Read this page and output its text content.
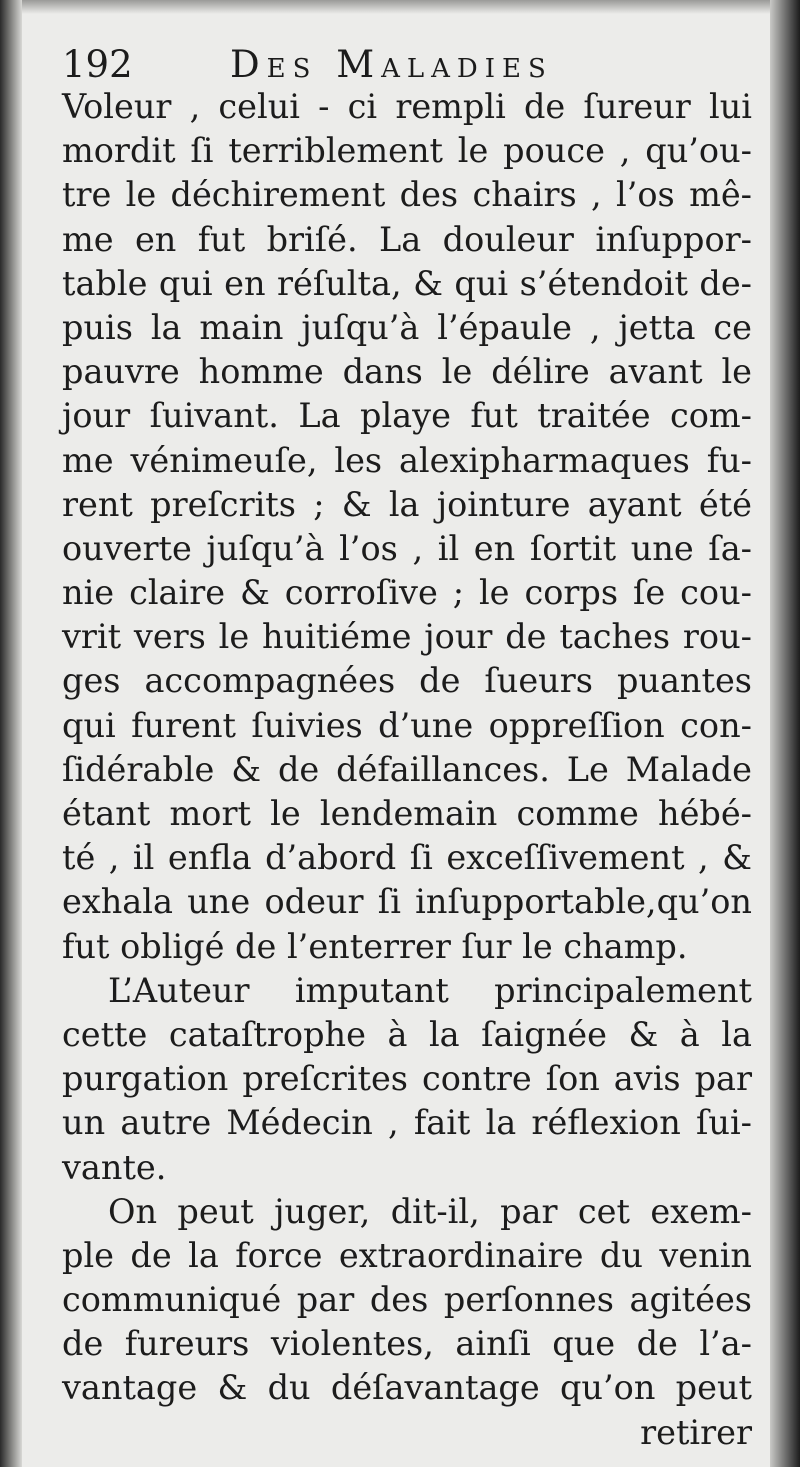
192	Des Maladies
Voleur , celui - ci rempli de ſureur lui
mordit ſi terriblement le pouce , qu’ou-
tre le déchirement des chairs , l’os mê-
me en fut briſé. La douleur inſuppor-
table qui en réſulta, & qui s’étendoit de-
puis la main juſqu’à l’épaule , jetta ce
pauvre homme dans le délire avant le
jour ſuivant. La playe fut traitée com-
me vénimeuſe, les alexipharmaques fu-
rent preſcrits ; & la jointure ayant été
ouverte juſqu’à l’os , il en ſortit une ſa-
nie claire & corroſive ; le corps ſe cou-
vrit vers le huitiéme jour de taches rou-
ges accompagnées de ſueurs puantes
qui furent ſuivies d’une oppreſſion con-
ſidérable & de défaillances. Le Malade
étant mort le lendemain comme hébé-
té , il enfla d’abord ſi exceſſivement , &
exhala une odeur ſi inſupportable,qu’on
fut obligé de l’enterrer ſur le champ.
L’Auteur imputant principalement
cette cataſtrophe à la ſaignée & à la
purgation preſcrites contre ſon avis par
un autre Médecin , fait la réflexion ſui-
vante.
On peut juger, dit-il, par cet exem-
ple de la force extraordinaire du venin
communiqué par des perſonnes agitées
de fureurs violentes, ainſi que de l’a-
vantage & du déſavantage qu’on peut
retirer
